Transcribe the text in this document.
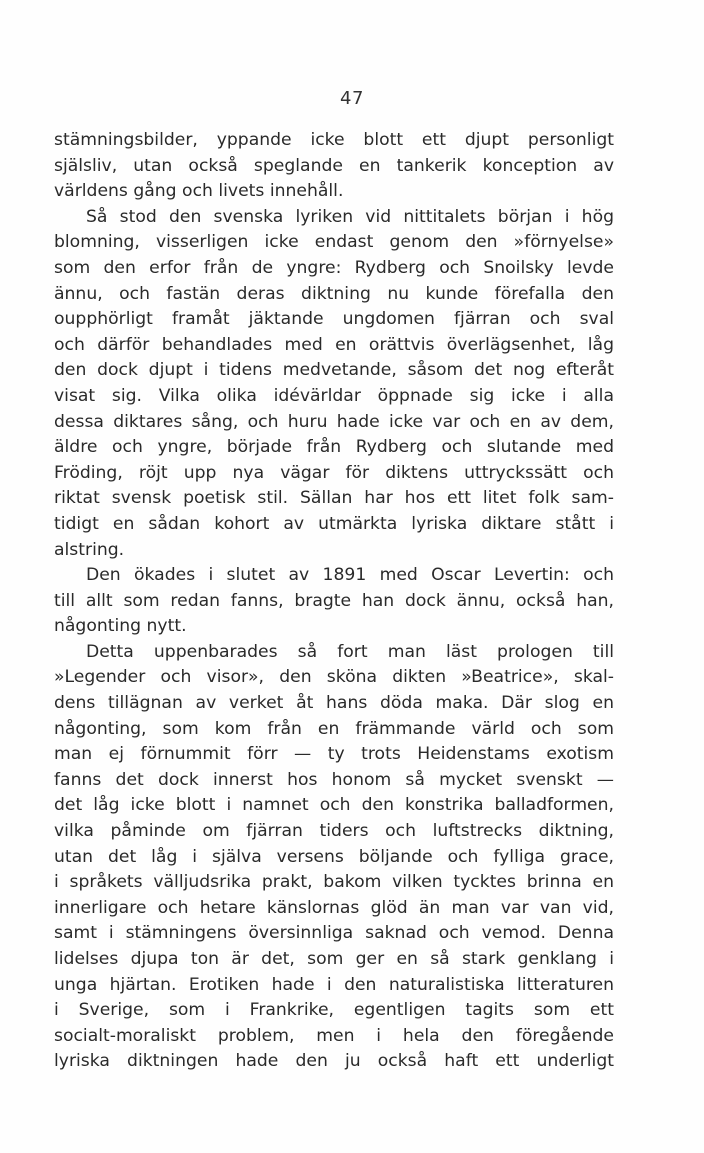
47
stämningsbilder, yppande icke blott ett djupt personligt
själsliv, utan också speglande en tankerik konception av
världens gång och livets innehåll.
Så stod den svenska lyriken vid nittitalets början i hög
blomning, visserligen icke endast genom den »förnyelse»
som den erfor från de yngre: Rydberg och Snoilsky levde
ännu, och fastän deras diktning nu kunde förefalla den
oupphörligt framåt jäktande ungdomen fjärran och sval
och därför behandlades med en orättvis överlägsenhet, låg
den dock djupt i tidens medvetande, såsom det nog efteråt
visat sig. Vilka olika idévärldar öppnade sig icke i alla
dessa diktares sång, och huru hade icke var och en av dem,
äldre och yngre, började från Rydberg och slutande med
Fröding, röjt upp nya vägar för diktens uttryckssätt och
riktat svensk poetisk stil. Sällan har hos ett litet folk sam-
tidigt en sådan kohort av utmärkta lyriska diktare stått i
alstring.
Den ökades i slutet av 1891 med Oscar Levertin: och
till allt som redan fanns, bragte han dock ännu, också han,
någonting nytt.
Detta uppenbarades så fort man läst prologen till
»Legender och visor», den sköna dikten »Beatrice», skal-
dens tillägnan av verket åt hans döda maka. Där slog en
någonting, som kom från en främmande värld och som
man ej förnummit förr — ty trots Heidenstams exotism
fanns det dock innerst hos honom så mycket svenskt —
det låg icke blott i namnet och den konstrika balladformen,
vilka påminde om fjärran tiders och luftstrecks diktning,
utan det låg i själva versens böljande och fylliga grace,
i språkets välljudsrika prakt, bakom vilken tycktes brinna en
innerligare och hetare känslornas glöd än man var van vid,
samt i stämningens översinnliga saknad och vemod. Denna
lidelses djupa ton är det, som ger en så stark genklang i
unga hjärtan. Erotiken hade i den naturalistiska litteraturen
i Sverige, som i Frankrike, egentligen tagits som ett
socialt-moraliskt problem, men i hela den föregående
lyriska diktningen hade den ju också haft ett underligt
